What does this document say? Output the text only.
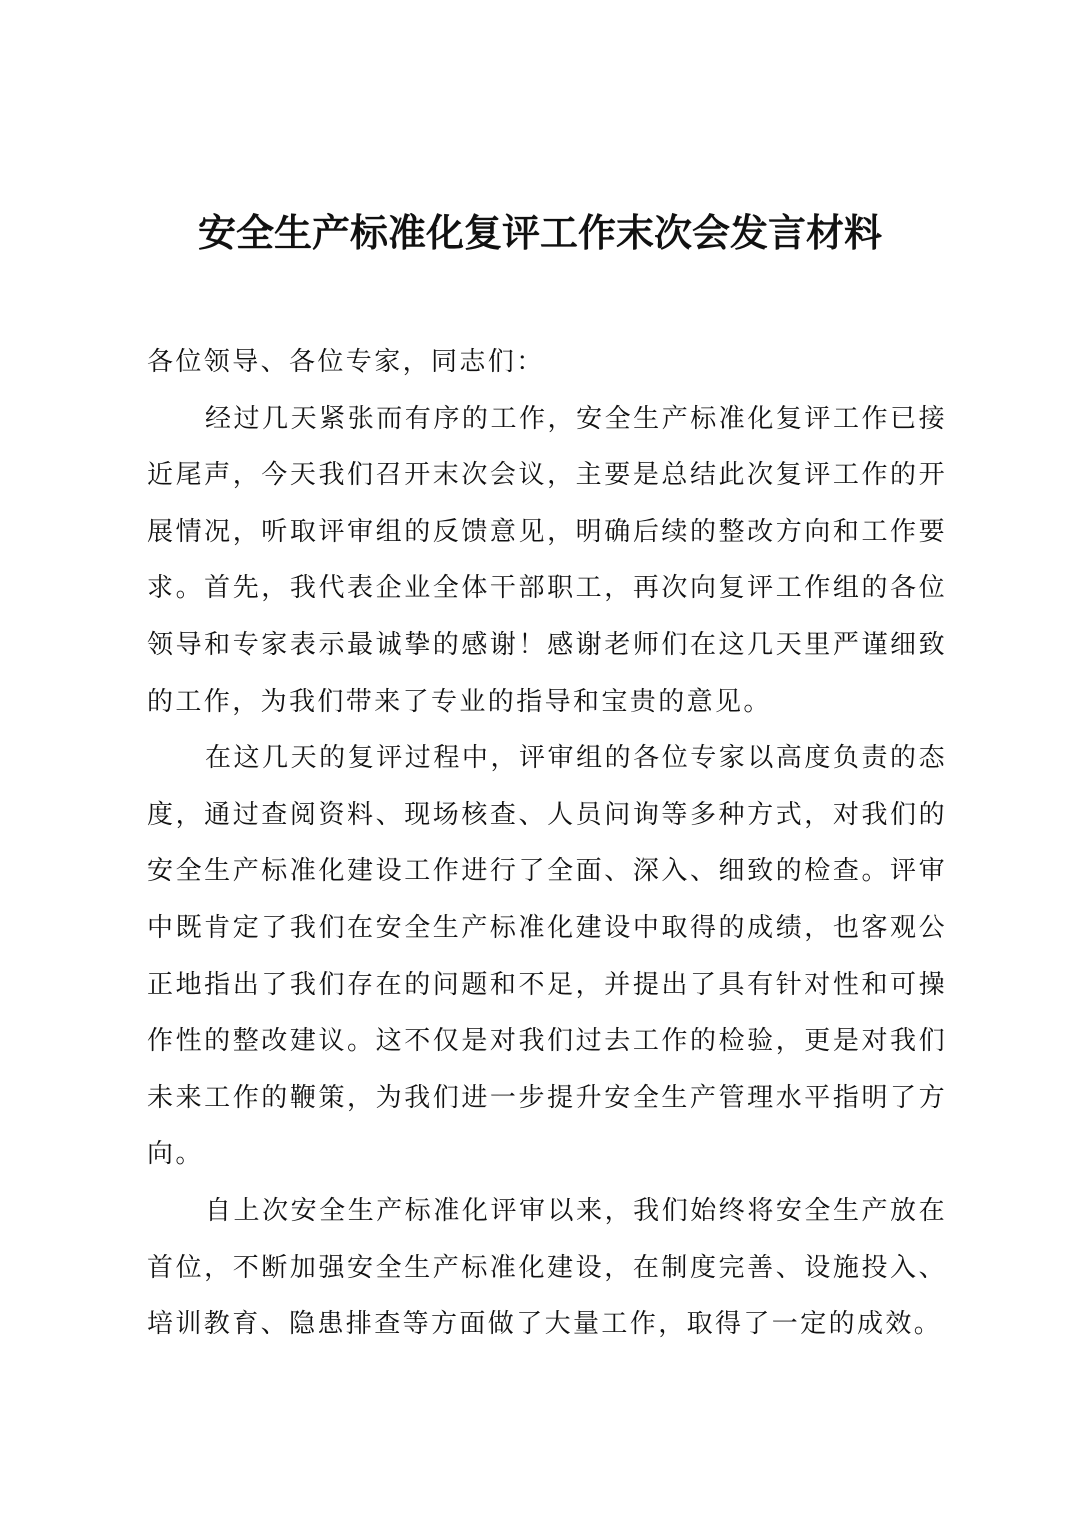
安全生产标准化复评工作末次会发言材料

各位领导、各位专家，同志们：

经过几天紧张而有序的工作，安全生产标准化复评工作已接近尾声，今天我们召开末次会议，主要是总结此次复评工作的开展情况，听取评审组的反馈意见，明确后续的整改方向和工作要求。首先，我代表企业全体干部职工，再次向复评工作组的各位领导和专家表示最诚挚的感谢！感谢老师们在这几天里严谨细致的工作，为我们带来了专业的指导和宝贵的意见。

在这几天的复评过程中，评审组的各位专家以高度负责的态度，通过查阅资料、现场核查、人员问询等多种方式，对我们的安全生产标准化建设工作进行了全面、深入、细致的检查。评审中既肯定了我们在安全生产标准化建设中取得的成绩，也客观公正地指出了我们存在的问题和不足，并提出了具有针对性和可操作性的整改建议。这不仅是对我们过去工作的检验，更是对我们未来工作的鞭策，为我们进一步提升安全生产管理水平指明了方向。

自上次安全生产标准化评审以来，我们始终将安全生产放在首位，不断加强安全生产标准化建设，在制度完善、设施投入、培训教育、隐患排查等方面做了大量工作，取得了一定的成效。
